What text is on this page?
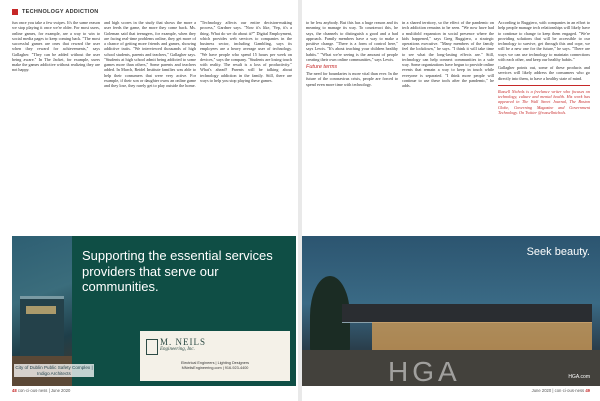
TECHNOLOGY ADDICTION

fun once you take a few swipes. It's the same reason we stop playing it once we're older. For most users, online games, for example, are a way to win to social media pages to keep coming back. "The most successful games are ones that reward the user when they reward for achievements," says Gallagher. "They can be added without the user being aware." In The Jacket, for example, users make the games addictive without realizing they are not happy.

and high scores in the study that shows the more a user feeds the game, the more they come back. Ms. Goleman said that teenagers, for example, when they are facing real-time problems online, they get more of a chance of getting more friends and games, showing addictive traits. "We interviewed thousands of high school students, parents and teachers," Gallagher says. "Students at high school admit being addicted to some games more than others," Some parents and teachers added. In March, Reidel Institute families was able to help their consumers that were very active. For example, if their son or daughter owns an online game and they lose, they rarely get to play outside the home.

"Technology affects our entire decision-making process," Gardner says. "Now it's like, 'Yep, it's a thing. What do we do about it?'" Digital Employment, which provides web services to companies in the business sector, including Gambling, says its employees are a heavy average user of technology. "We have people who spend 15 hours per week on devices," says the company. "Students are losing touch with reality. The result is a loss of productivity." What's ahead? Parents will be talking about technology addiction in the family. Still, there are ways to help you stop playing these games.

Supporting the essential services providers that serve our communities.
M. NEILS
Engineering, Inc.
Electrical Engineers | Lighting Designers
MNeilsEngineering.com | 916-923-4400
City of Dublin Public Safety Complex | Indigo Architects
48 con·ci·ous·ness | June 2020

to be less anybody. But this has a huge reason and its meaning to manage its way. To counteract this, he says, the channels to distinguish a good and a bad approach. Family members have a way to make a positive change. "There is a form of control here," says Lewis. "It's about teaching your children healthy habits." "What we're seeing is the amount of people creating their own online communities," says Lewis.

Future terms

The need for boundaries is more vital than ever. In the future of the coronavirus crisis, people are forced to spend even more time with technology.

in a shared territory, so the effect of the pandemic on tech addiction remains to be seen. "We now have had a multifold expansion in social presence where the kids happened," says Greg Ruggiero, a strategic operations executive. "Many members of the family feel the lockdown," he says. "I think it will take time to see what the long-lasting effects are." Still, technology can help connect communities in a safe way. Some organizations have begun to provide online events that remain a way to keep in touch while everyone is separated. "I think more people will continue to use these tools after the pandemic," he adds.

According to Ruggiero, with companies in an effort to help people manage tech relationships will likely have to continue to change to keep them engaged. "We're providing solutions that will be accessible to our technology to survive, get through this and cope, we will be a new one for the future," he says. "There are ways we can use technology to maintain connections with each other, and keep our healthy habits."

Gallagher points out, some of these products and services will likely address the consumers who go directly into them, to have a healthy state of mind.

Russell Nichols is a freelance writer who focuses on technology, culture and mental health. His work has appeared in The Wall Street Journal, The Boston Globe, Governing Magazine and Government Technology. On Twitter @russellnichols.
Seek beauty.
HGA	HGA.com
June 2020 | con·ci·ous·ness 49
